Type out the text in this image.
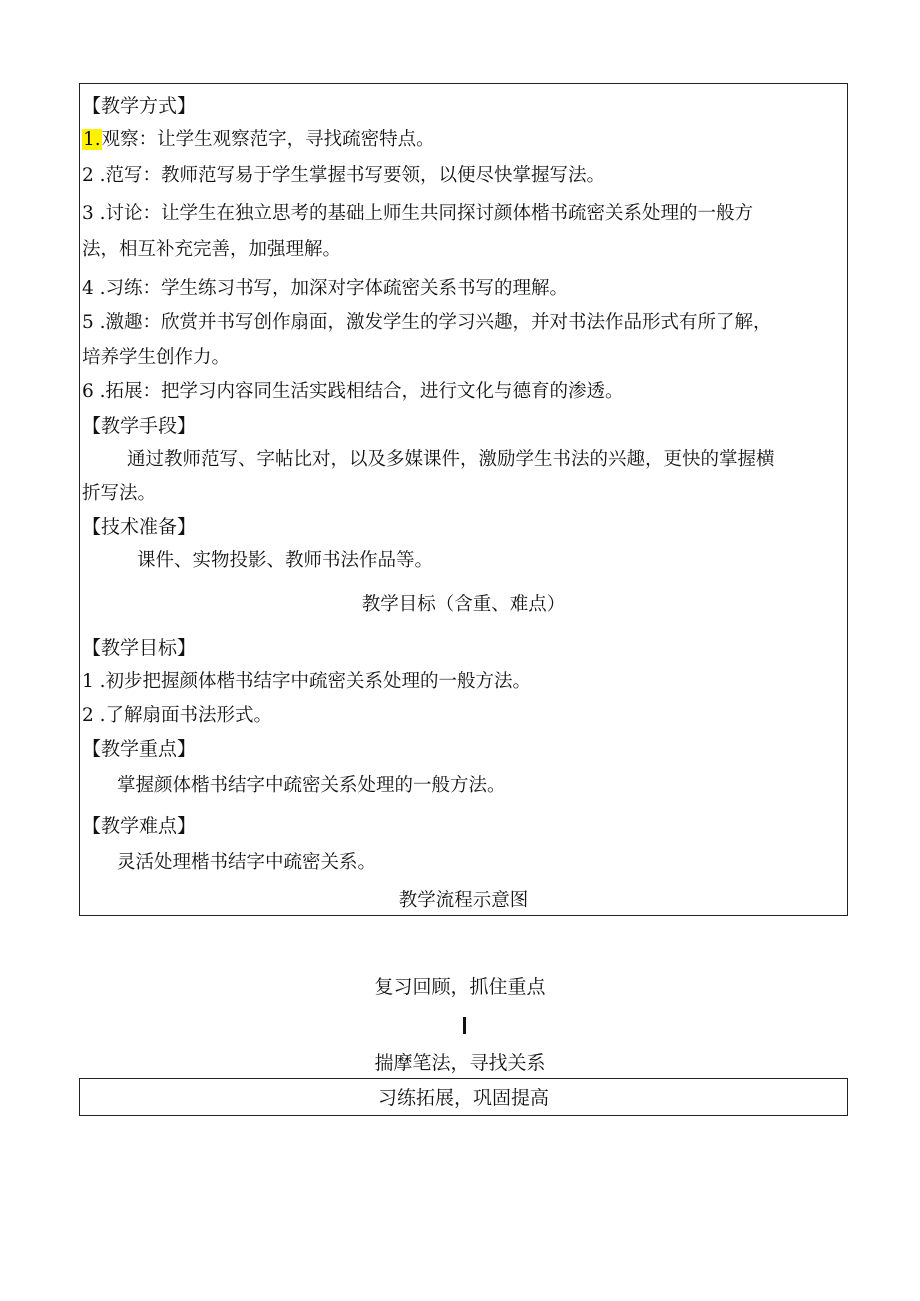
【教学方式】
1.观察：让学生观察范字，寻找疏密特点。
2 .范写：教师范写易于学生掌握书写要领，以便尽快掌握写法。
3 .讨论：让学生在独立思考的基础上师生共同探讨颜体楷书疏密关系处理的一般方
法，相互补充完善，加强理解。
4 .习练：学生练习书写，加深对字体疏密关系书写的理解。
5 .激趣：欣赏并书写创作扇面，激发学生的学习兴趣，并对书法作品形式有所了解，
培养学生创作力。
6 .拓展：把学习内容同生活实践相结合，进行文化与德育的渗透。
【教学手段】
通过教师范写、字帖比对，以及多媒课件，激励学生书法的兴趣，更快的掌握横
折写法。
【技术准备】
课件、实物投影、教师书法作品等。
教学目标（含重、难点）
【教学目标】
1 .初步把握颜体楷书结字中疏密关系处理的一般方法。
2 .了解扇面书法形式。
【教学重点】
掌握颜体楷书结字中疏密关系处理的一般方法。
【教学难点】
灵活处理楷书结字中疏密关系。
教学流程示意图
复习回顾，抓住重点
揣摩笔法，寻找关系
习练拓展，巩固提高
